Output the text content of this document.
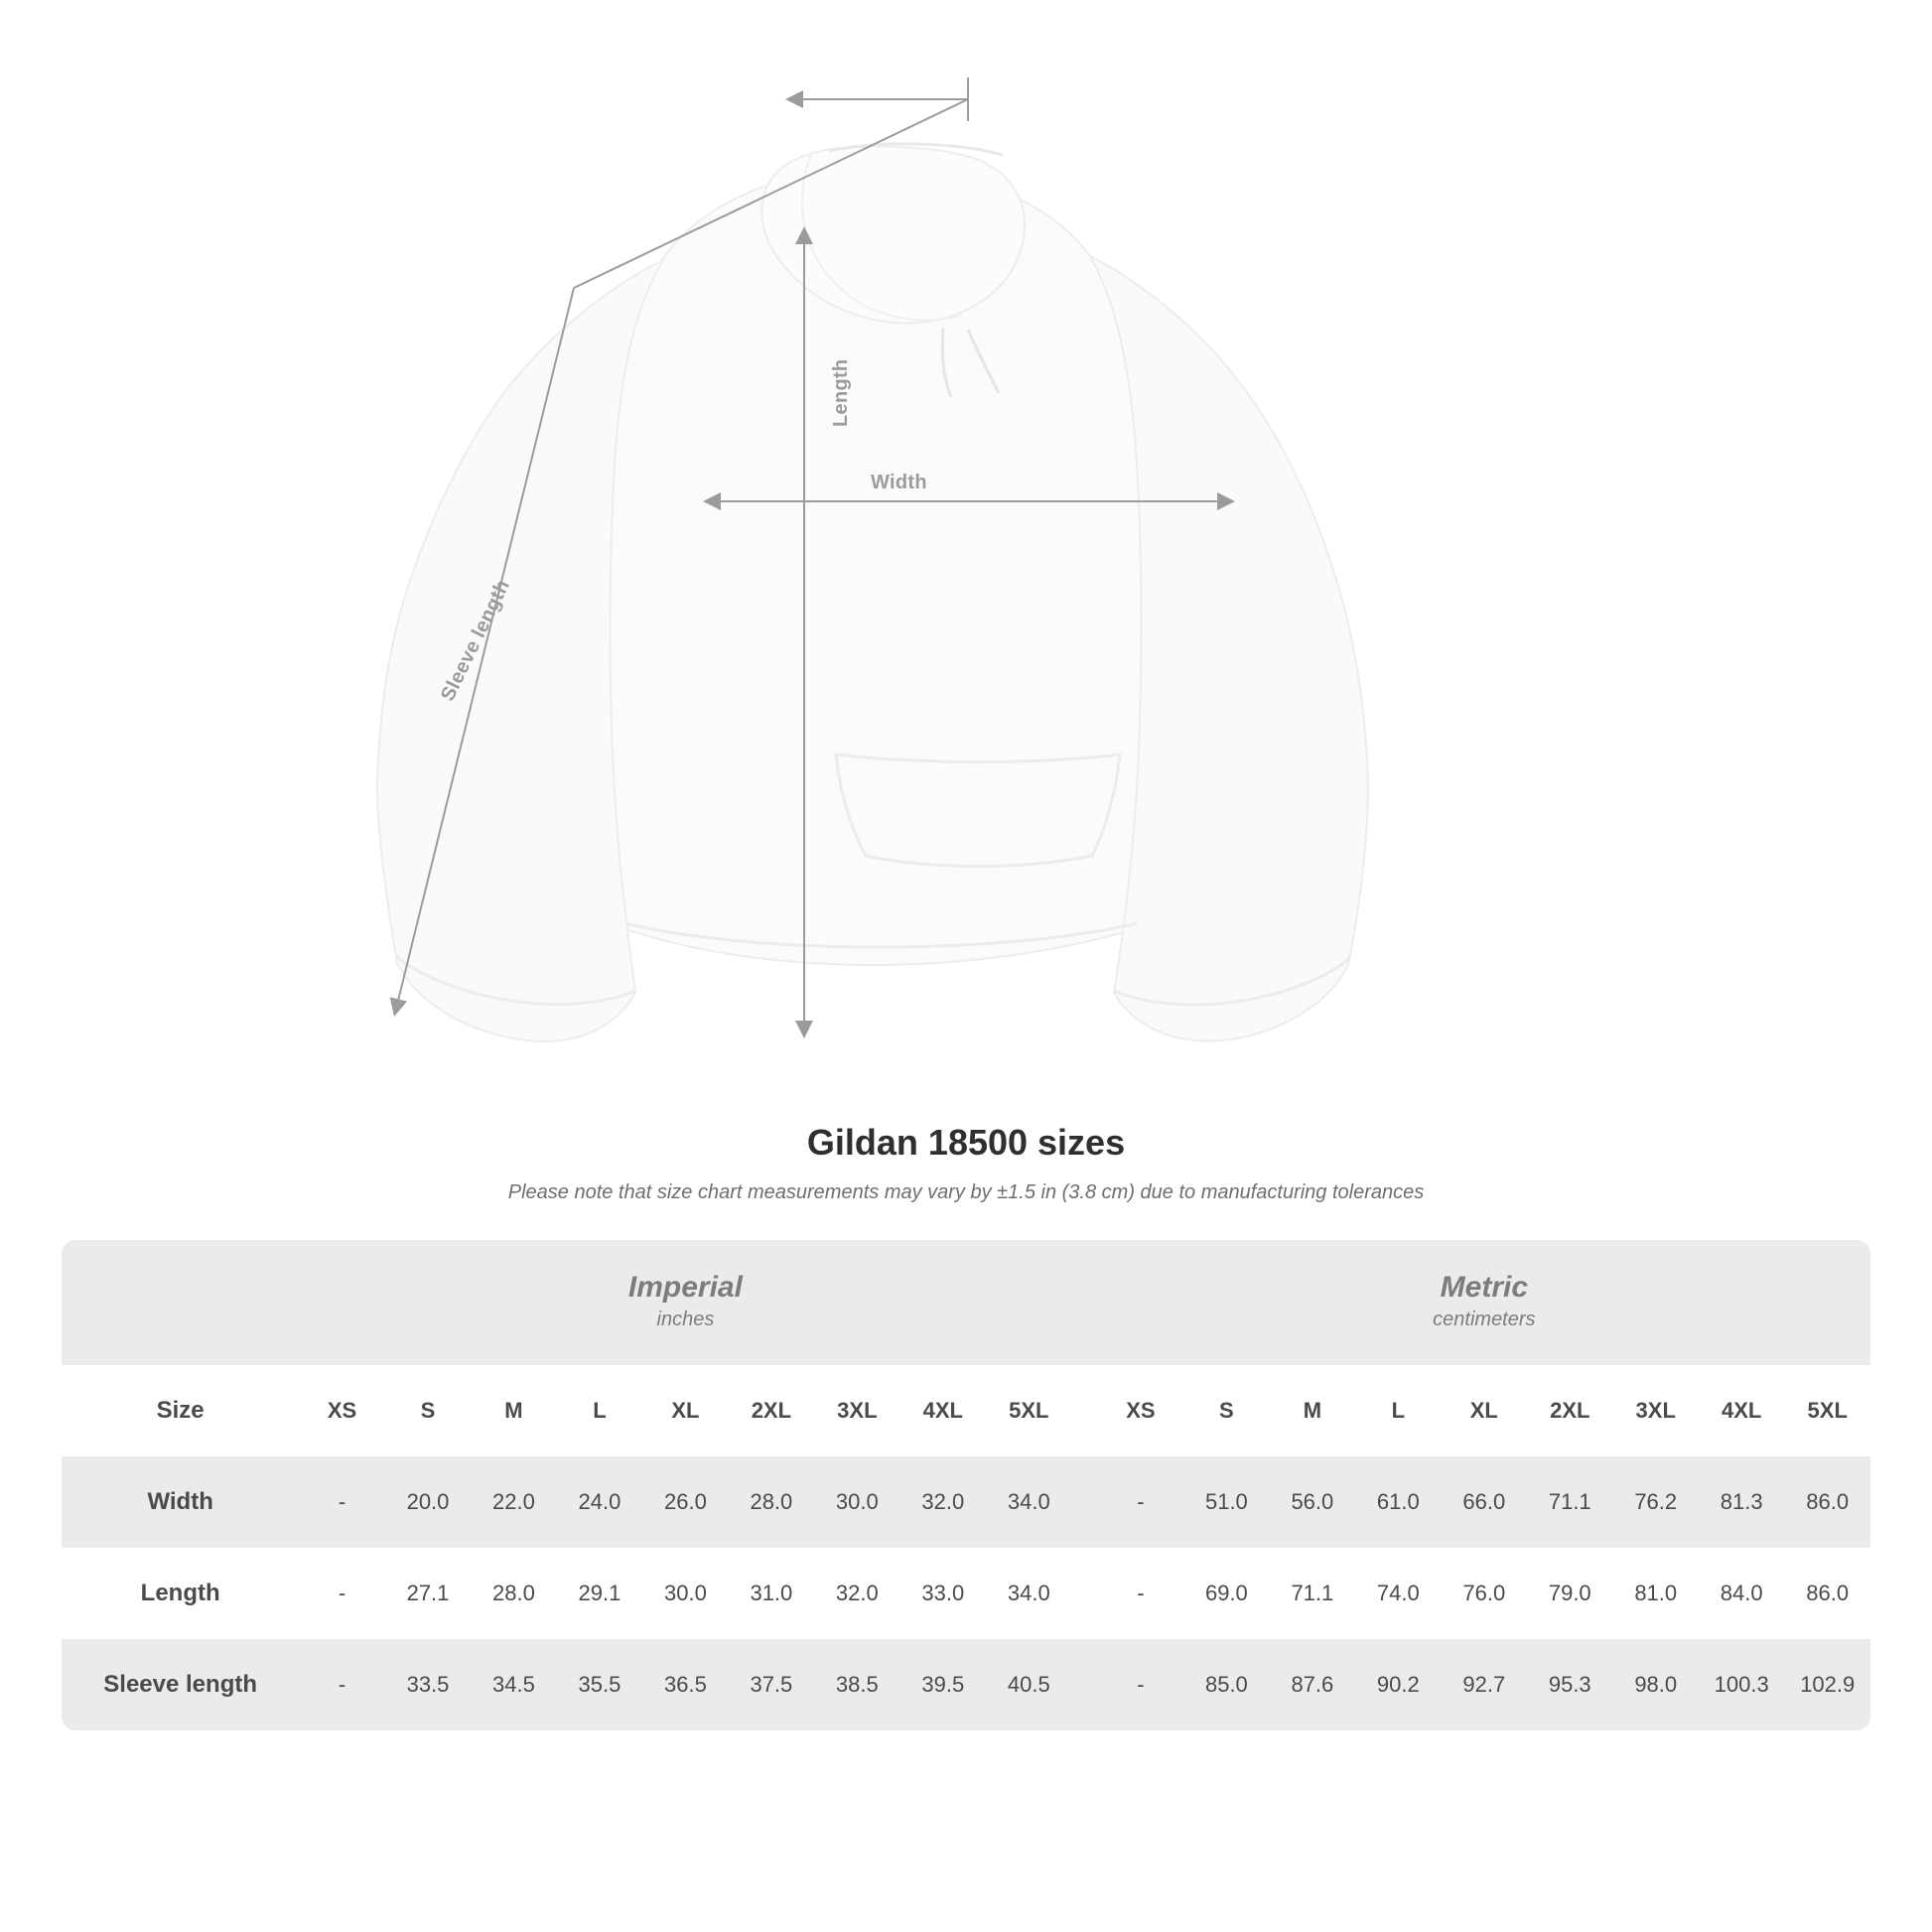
Length
Width
Sleeve length
Gildan 18500 sizes

Please note that size chart measurements may vary by ±1.5 in (3.8 cm) due to manufacturing tolerances

Imperial
inches

Metric
centimeters

Size	XS	S	M	L	XL	2XL	3XL	4XL	5XL		XS	S	M	L	XL	2XL	3XL	4XL	5XL
Width	-	20.0	22.0	24.0	26.0	28.0	30.0	32.0	34.0		-	51.0	56.0	61.0	66.0	71.1	76.2	81.3	86.0
Length	-	27.1	28.0	29.1	30.0	31.0	32.0	33.0	34.0		-	69.0	71.1	74.0	76.0	79.0	81.0	84.0	86.0
Sleeve length	-	33.5	34.5	35.5	36.5	37.5	38.5	39.5	40.5		-	85.0	87.6	90.2	92.7	95.3	98.0	100.3	102.9
